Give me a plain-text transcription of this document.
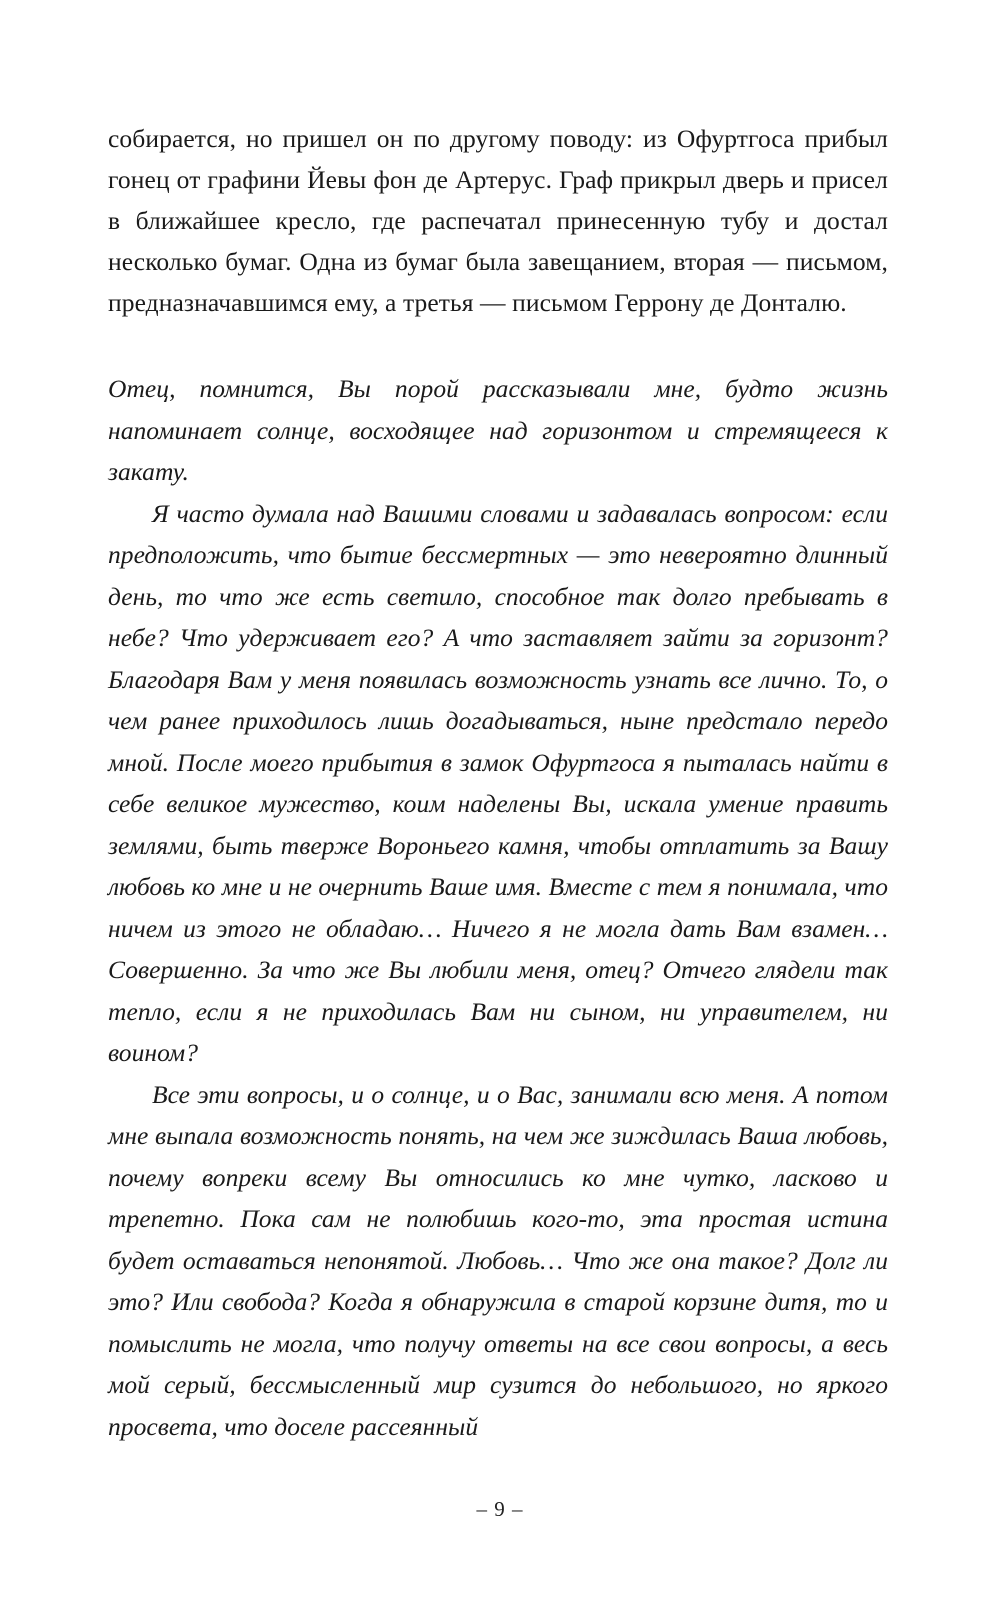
собирается, но пришел он по другому поводу: из Офуртгоса прибыл гонец от графини Йевы фон де Артерус. Граф прикрыл дверь и присел в ближайшее кресло, где распечатал принесенную тубу и достал несколько бумаг. Одна из бумаг была завещанием, вторая — письмом, предназначавшимся ему, а третья — письмом Геррону де Донталю.

Отец, помнится, Вы порой рассказывали мне, будто жизнь напоминает солнце, восходящее над горизонтом и стремящееся к закату.

Я часто думала над Вашими словами и задавалась вопросом: если предположить, что бытие бессмертных — это невероятно длинный день, то что же есть светило, способное так долго пребывать в небе? Что удерживает его? А что заставляет зайти за горизонт? Благодаря Вам у меня появилась возможность узнать все лично. То, о чем ранее приходилось лишь догадываться, ныне предстало передо мной. После моего прибытия в замок Офуртгоса я пыталась найти в себе великое мужество, коим наделены Вы, искала умение править землями, быть тверже Вороньего камня, чтобы отплатить за Вашу любовь ко мне и не очернить Ваше имя. Вместе с тем я понимала, что ничем из этого не обладаю… Ничего я не могла дать Вам взамен… Совершенно. За что же Вы любили меня, отец? Отчего глядели так тепло, если я не приходилась Вам ни сыном, ни управителем, ни воином?

Все эти вопросы, и о солнце, и о Вас, занимали всю меня. А потом мне выпала возможность понять, на чем же зиждилась Ваша любовь, почему вопреки всему Вы относились ко мне чутко, ласково и трепетно. Пока сам не полюбишь кого-то, эта простая истина будет оставаться непонятой. Любовь… Что же она такое? Долг ли это? Или свобода? Когда я обнаружила в старой корзине дитя, то и помыслить не могла, что получу ответы на все свои вопросы, а весь мой серый, бессмысленный мир сузится до небольшого, но яркого просвета, что доселе рассеянный

– 9 –
